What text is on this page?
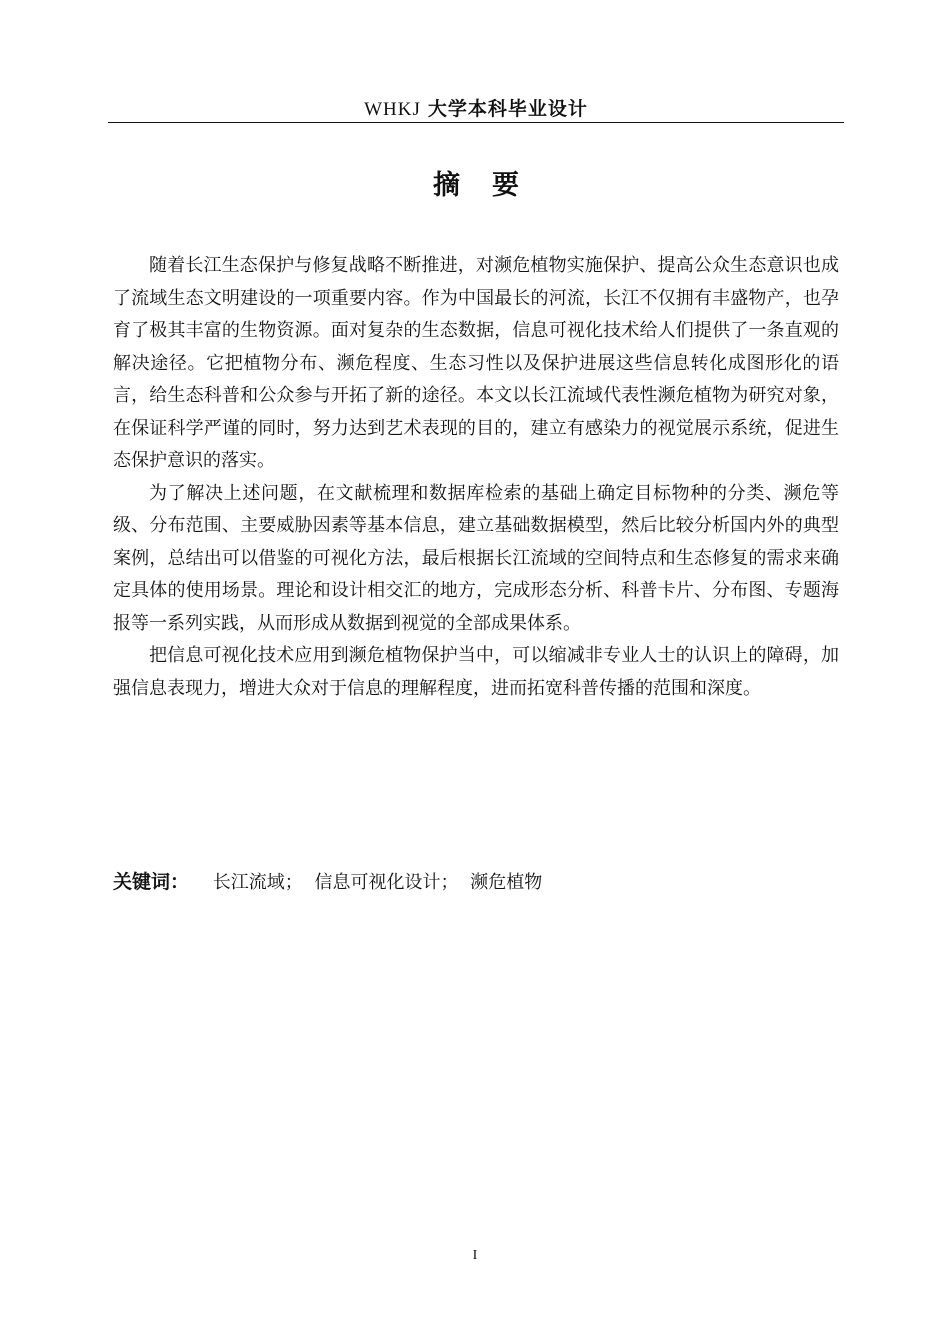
WHKJ 大学本科毕业设计
摘要

随着长江生态保护与修复战略不断推进，对濒危植物实施保护、提高公众生态意识也成了流域生态文明建设的一项重要内容。作为中国最长的河流，长江不仅拥有丰盛物产，也孕育了极其丰富的生物资源。面对复杂的生态数据，信息可视化技术给人们提供了一条直观的解决途径。它把植物分布、濒危程度、生态习性以及保护进展这些信息转化成图形化的语言，给生态科普和公众参与开拓了新的途径。本文以长江流域代表性濒危植物为研究对象，在保证科学严谨的同时，努力达到艺术表现的目的，建立有感染力的视觉展示系统，促进生态保护意识的落实。

为了解决上述问题，在文献梳理和数据库检索的基础上确定目标物种的分类、濒危等级、分布范围、主要威胁因素等基本信息，建立基础数据模型，然后比较分析国内外的典型案例，总结出可以借鉴的可视化方法，最后根据长江流域的空间特点和生态修复的需求来确定具体的使用场景。理论和设计相交汇的地方，完成形态分析、科普卡片、分布图、专题海报等一系列实践，从而形成从数据到视觉的全部成果体系。

把信息可视化技术应用到濒危植物保护当中，可以缩减非专业人士的认识上的障碍，加强信息表现力，增进大众对于信息的理解程度，进而拓宽科普传播的范围和深度。

关键词： 长江流域； 信息可视化设计； 濒危植物
I
